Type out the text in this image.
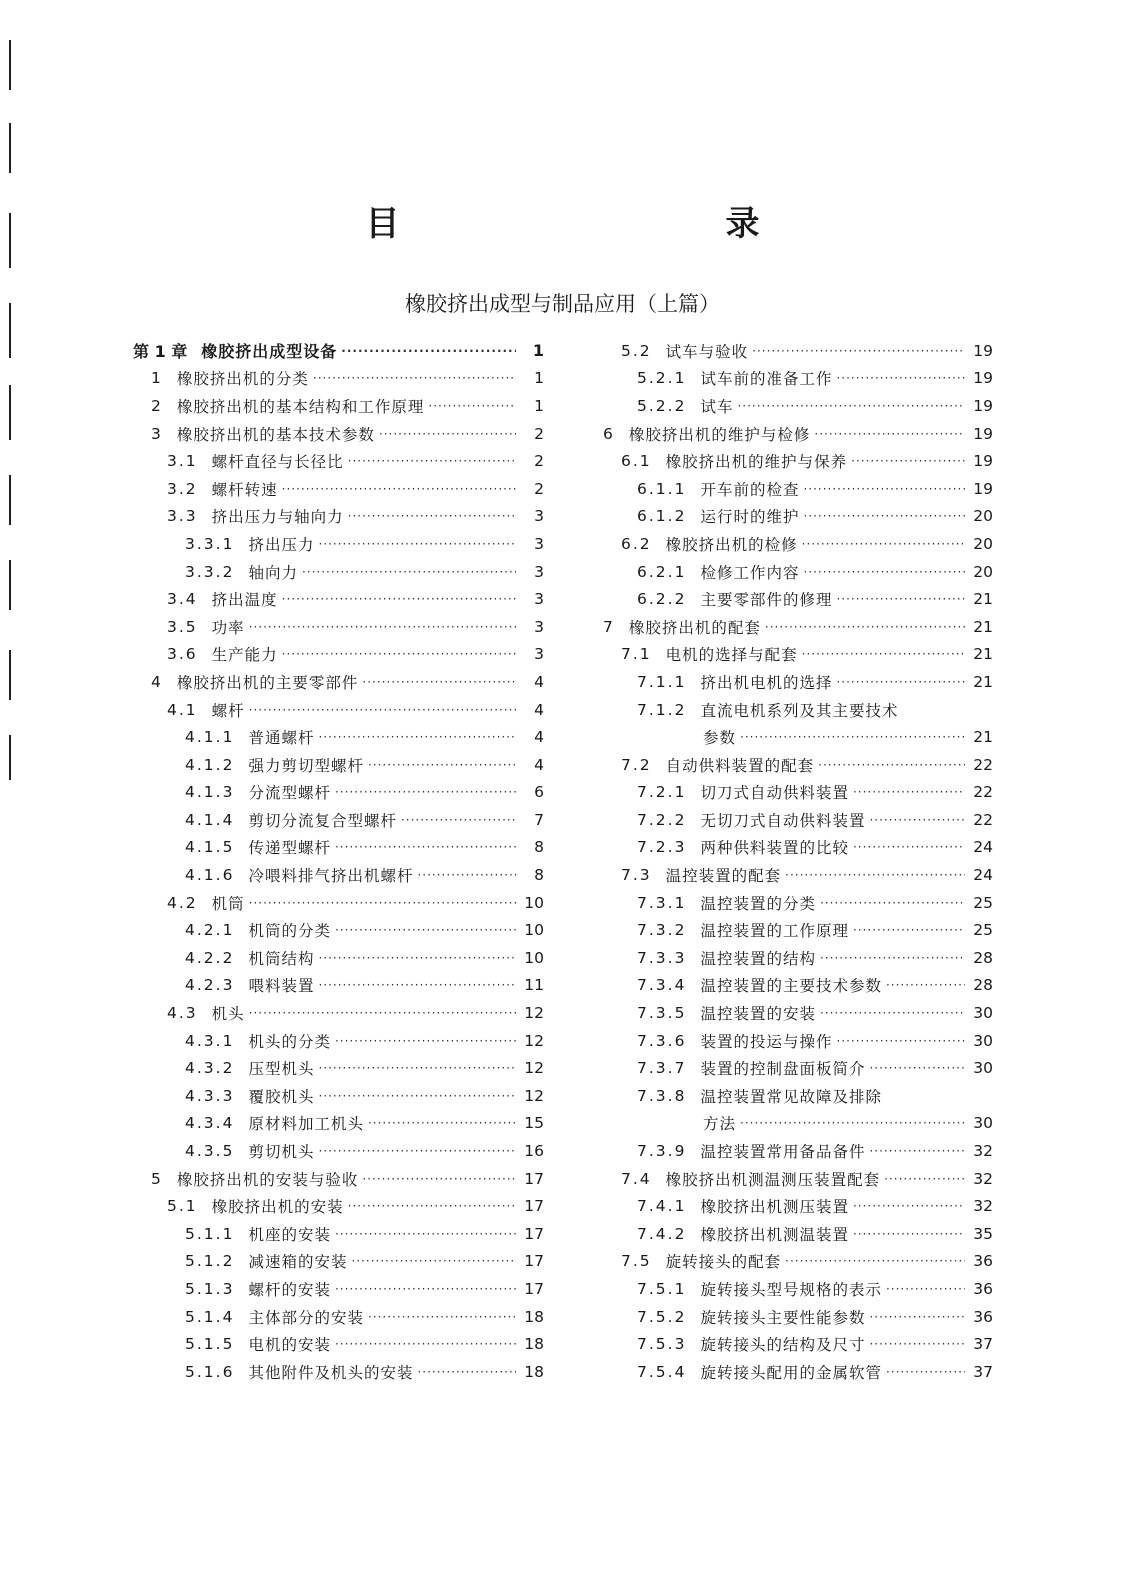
目　　录
橡胶挤出成型与制品应用（上篇）
第 1 章 橡胶挤出成型设备 ·····	1
1 橡胶挤出机的分类 ·····	1
2 橡胶挤出机的基本结构和工作原理 ·····	1
3 橡胶挤出机的基本技术参数 ·····	2
3.1 螺杆直径与长径比 ·····	2
3.2 螺杆转速 ·····	2
3.3 挤出压力与轴向力 ·····	3
3.3.1 挤出压力 ·····	3
3.3.2 轴向力 ·····	3
3.4 挤出温度 ·····	3
3.5 功率 ·····	3
3.6 生产能力 ·····	3
4 橡胶挤出机的主要零部件 ·····	4
4.1 螺杆 ·····	4
4.1.1 普通螺杆 ·····	4
4.1.2 强力剪切型螺杆 ·····	4
4.1.3 分流型螺杆 ·····	6
4.1.4 剪切分流复合型螺杆 ·····	7
4.1.5 传递型螺杆 ·····	8
4.1.6 冷喂料排气挤出机螺杆 ·····	8
4.2 机筒 ·····	10
4.2.1 机筒的分类 ·····	10
4.2.2 机筒结构 ·····	10
4.2.3 喂料装置 ·····	11
4.3 机头 ·····	12
4.3.1 机头的分类 ·····	12
4.3.2 压型机头 ·····	12
4.3.3 覆胶机头 ·····	12
4.3.4 原材料加工机头 ·····	15
4.3.5 剪切机头 ·····	16
5 橡胶挤出机的安装与验收 ·····	17
5.1 橡胶挤出机的安装 ·····	17
5.1.1 机座的安装 ·····	17
5.1.2 减速箱的安装 ·····	17
5.1.3 螺杆的安装 ·····	17
5.1.4 主体部分的安装 ·····	18
5.1.5 电机的安装 ·····	18
5.1.6 其他附件及机头的安装 ·····	18
5.2 试车与验收 ·····	19
5.2.1 试车前的准备工作 ·····	19
5.2.2 试车 ·····	19
6 橡胶挤出机的维护与检修 ·····	19
6.1 橡胶挤出机的维护与保养 ·····	19
6.1.1 开车前的检查 ·····	19
6.1.2 运行时的维护 ·····	20
6.2 橡胶挤出机的检修 ·····	20
6.2.1 检修工作内容 ·····	20
6.2.2 主要零部件的修理 ·····	21
7 橡胶挤出机的配套 ·····	21
7.1 电机的选择与配套 ·····	21
7.1.1 挤出机电机的选择 ·····	21
7.1.2 直流电机系列及其主要技术
参数 ·····	21
7.2 自动供料装置的配套 ·····	22
7.2.1 切刀式自动供料装置 ·····	22
7.2.2 无切刀式自动供料装置 ·····	22
7.2.3 两种供料装置的比较 ·····	24
7.3 温控装置的配套 ·····	24
7.3.1 温控装置的分类 ·····	25
7.3.2 温控装置的工作原理 ·····	25
7.3.3 温控装置的结构 ·····	28
7.3.4 温控装置的主要技术参数 ·····	28
7.3.5 温控装置的安装 ·····	30
7.3.6 装置的投运与操作 ·····	30
7.3.7 装置的控制盘面板简介 ·····	30
7.3.8 温控装置常见故障及排除
方法 ·····	30
7.3.9 温控装置常用备品备件 ·····	32
7.4 橡胶挤出机测温测压装置配套 ·····	32
7.4.1 橡胶挤出机测压装置 ·····	32
7.4.2 橡胶挤出机测温装置 ·····	35
7.5 旋转接头的配套 ·····	36
7.5.1 旋转接头型号规格的表示 ·····	36
7.5.2 旋转接头主要性能参数 ·····	36
7.5.3 旋转接头的结构及尺寸 ·····	37
7.5.4 旋转接头配用的金属软管 ·····	37
